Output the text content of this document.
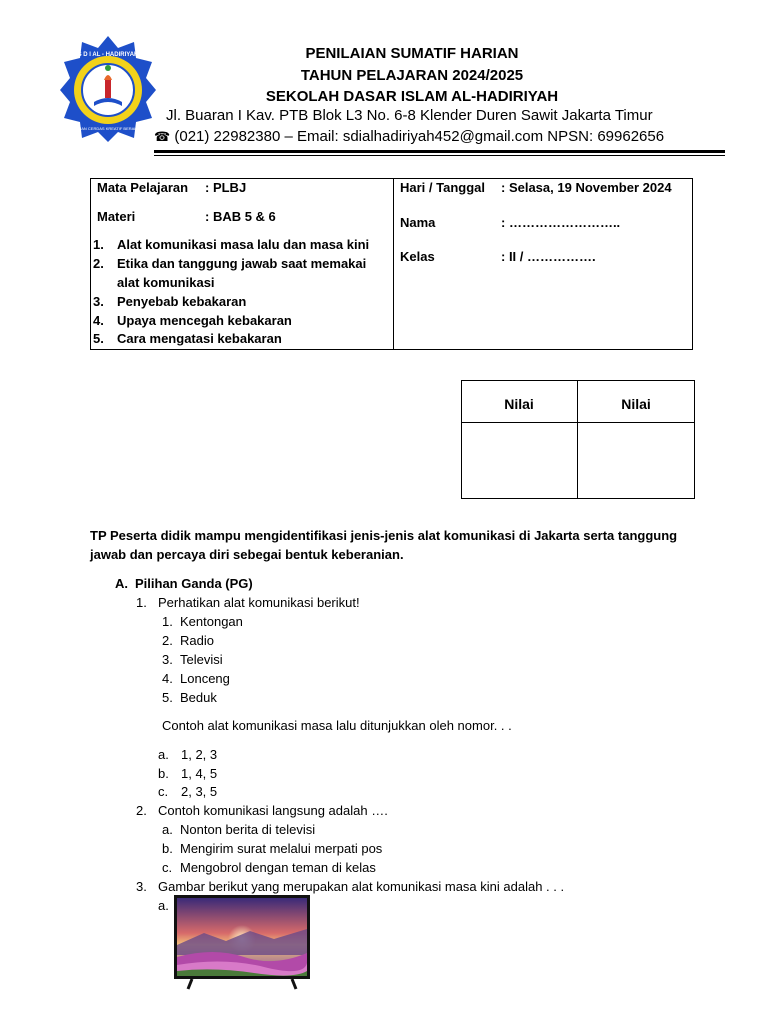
S D I AL - HADIRIYAH
BERIMAN CERDAS KREATIF BERAKHLAK
PENILAIAN SUMATIF HARIAN
TAHUN PELAJARAN 2024/2025
SEKOLAH DASAR ISLAM AL-HADIRIYAH
Jl. Buaran I Kav. PTB Blok L3 No. 6-8 Klender Duren Sawit Jakarta Timur
☎ (021) 22982380 – Email: sdialhadiriyah452@gmail.com NPSN: 69962656
Mata Pelajaran : PLBJ
Materi	: BAB 5 & 6
1. Alat komunikasi masa lalu dan masa kini
2. Etika dan tanggung jawab saat memakai
alat komunikasi
3. Penyebab kebakaran
4. Upaya mencegah kebakaran
5. Cara mengatasi kebakaran
Hari / Tanggal : Selasa, 19 November 2024
Nama	: ……………………..
Kelas	: II / …………….
Nilai	Nilai
TP Peserta didik mampu mengidentifikasi jenis-jenis alat komunikasi di Jakarta serta tanggung jawab dan percaya diri sebegai bentuk keberanian.
A. Pilihan Ganda (PG)
1. Perhatikan alat komunikasi berikut!
1. Kentongan
2. Radio
3. Televisi
4. Lonceng
5. Beduk
Contoh alat komunikasi masa lalu ditunjukkan oleh nomor. . .
a. 1, 2, 3
b. 1, 4, 5
c. 2, 3, 5
2. Contoh komunikasi langsung adalah ….
a. Nonton berita di televisi
b. Mengirim surat melalui merpati pos
c. Mengobrol dengan teman di kelas
3. Gambar berikut yang merupakan alat komunikasi masa kini adalah . . .
a.
